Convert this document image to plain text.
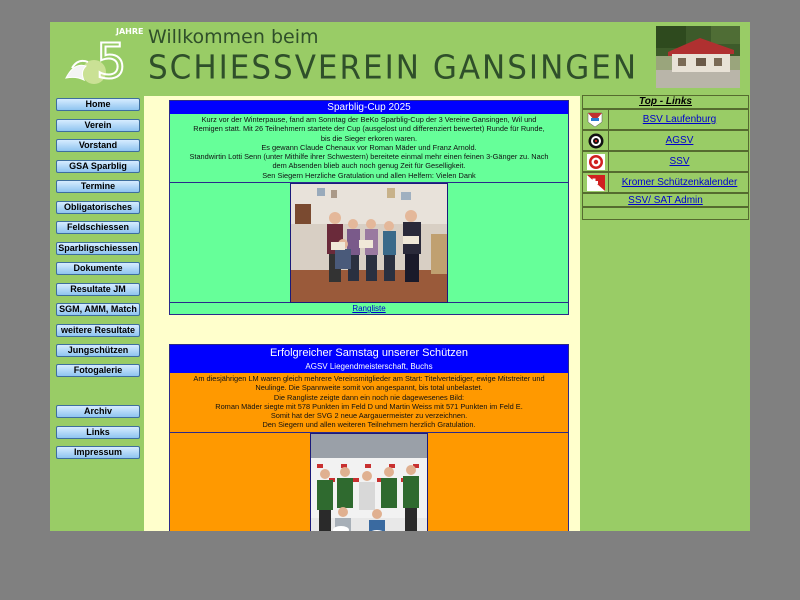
5
JAHRE Willkommen beim
SCHIESSVEREIN GANSINGEN
Home
Verein
Vorstand
GSA Sparblig
Termine
Obligatorisches
Feldschiessen
Sparbligschiessen
Dokumente
Resultate JM
SGM, AMM, Match
weitere Resultate
Jungschützen
Fotogalerie
Archiv
Links
Impressum
Sparblig-Cup 2025
Kurz vor der Winterpause, fand am Sonntag der BeKo Sparblig-Cup der 3 Vereine Gansingen, Wil und
Remigen statt. Mit 26 Teilnehmern startete der Cup (ausgelost und differenziert bewertet) Runde für Runde,
bis die Sieger erkoren waren.
Es gewann Claude Chenaux vor Roman Mäder und Franz Arnold.
Standwirtin Lotti Senn (unter Mithilfe ihrer Schwestern) bereitete einmal mehr einen feinen 3-Gänger zu. Nach
dem Absenden blieb auch noch genug Zeit für Geselligkeit.
Sen Siegern Herzliche Gratulation und allen Helfern: Vielen Dank
Rangliste
Erfolgreicher Samstag unserer Schützen
AGSV Liegendmeisterschaft, Buchs
Am diesjährigen LM waren gleich mehrere Vereinsmitglieder am Start: Titelverteidiger, ewige Mitstreiter und
Neulinge. Die Spannweite somit von angespannt, bis total unbelastet.
Die Rangliste zeigte dann ein noch nie dagewesenes Bild:
Roman Mäder siegte mit 578 Punkten im Feld D und Martin Weiss mit 571 Punkten im Feld E.
Somit hat der SVG 2 neue Aargauermeister zu verzeichnen.
Den Siegern und allen weiteren Teilnehmern herzlich Gratulation.
Top - Links
BSV Laufenburg
AGSV
SSV
Kromer Schützenkalender
SSV/ SAT Admin
